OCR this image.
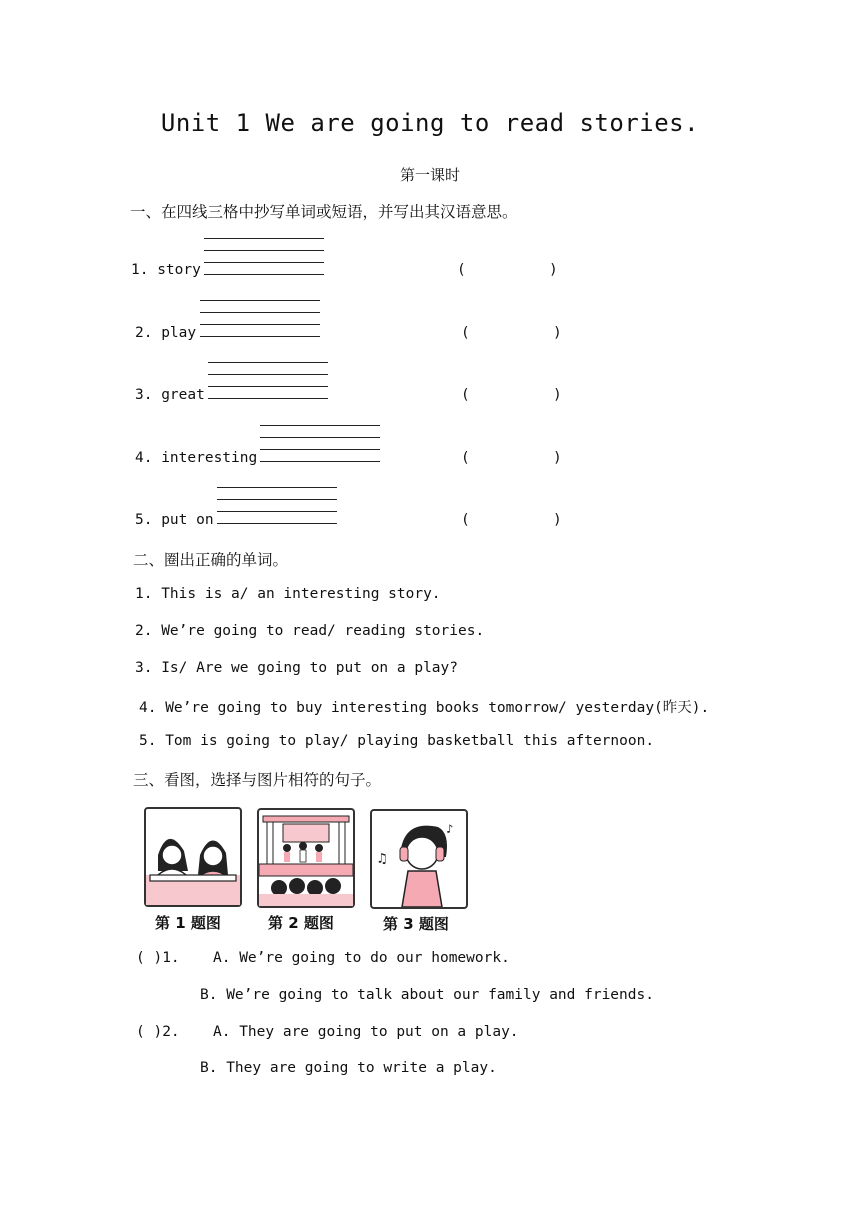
Unit 1 We are going to read stories.
第一课时
一、在四线三格中抄写单词或短语，并写出其汉语意思。
1. story	(	)
2. play	(	)
3. great	(	)
4. interesting	(	)
5. put on	(	)
二、圈出正确的单词。
1. This is a/ an interesting story.
2. We’re going to read/ reading stories.
3. Is/ Are we going to put on a play?
4. We’re going to buy interesting books tomorrow/ yesterday(昨天).
5. Tom is going to play/ playing basketball this afternoon.
三、看图，选择与图片相符的句子。
♫
♪
第 1 题图	第 2 题图	第 3 题图
( )1. A. We’re going to do our homework.
B. We’re going to talk about our family and friends.
( )2. A. They are going to put on a play.
B. They are going to write a play.
